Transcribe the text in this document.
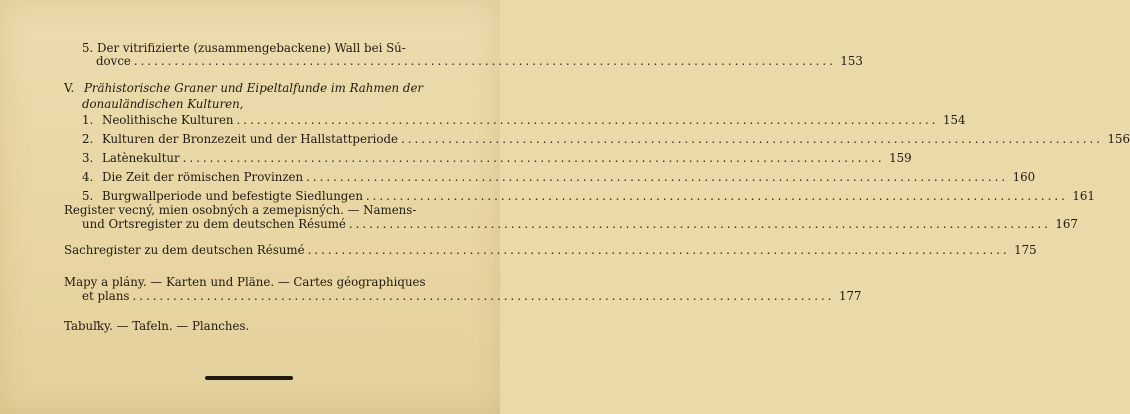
5. Der vitrifizierte (zusammengebackene) Wall bei Sú-
dovce ........................................................................................................ 153
V. Prähistorische Graner und Eipeltalfunde im Rahmen der
donauländischen Kulturen,
1. Neolithische Kulturen ........................................................................................................ 154
2. Kulturen der Bronzezeit und der Hallstattperiode ........................................................................................................ 156
3. Latènekultur ........................................................................................................ 159
4. Die Zeit der römischen Provinzen ........................................................................................................ 160
5. Burgwallperiode und befestigte Siedlungen ........................................................................................................ 161
Register vecný, mien osobných a zemepisných. — Namens-
und Ortsregister zu dem deutschen Résumé ........................................................................................................ 167
Sachregister zu dem deutschen Résumé ........................................................................................................ 175
Mapy a plány. — Karten und Pläne. — Cartes géographiques
et plans ........................................................................................................ 177
Tabuľky. — Tafeln. — Planches.
